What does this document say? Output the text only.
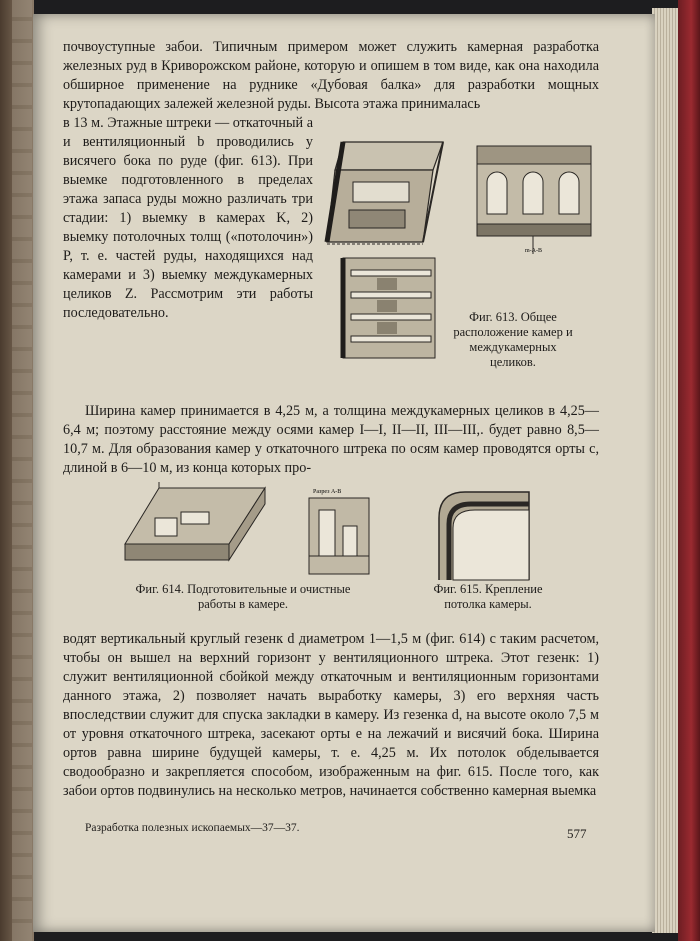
почвоуступные забои. Типичным примером может служить камерная разработка железных руд в Криворожском районе, которую и опишем в том виде, как она находила обширное применение на руднике «Дубовая балка» для разработки мощных крутопадающих залежей железной руды. Высота этажа принималась

в 13 м. Этажные штреки — откаточный a и вентиляционный b проводились у висячего бока по руде (фиг. 613). При выемке подготовленного в пределах этажа запаса руды можно различать три стадии: 1) выемку в камерах K, 2) выемку потолочных толщ («потолочин») P, т. е. частей руды, находящихся над камерами и 3) выемку междукамерных целиков Z. Рассмотрим эти работы последовательно.

m-A-B
Фиг. 613. Общее расположение камер и междукамерных целиков.

Ширина камер принимается в 4,25 м, а толщина междукамерных целиков в 4,25—6,4 м; поэтому расстояние между осями камер I—I, II—II, III—III,. будет равно 8,5—10,7 м. Для образования камер у откаточного штрека по осям камер проводятся орты c, длиной в 6—10 м, из конца которых про-

Разрез A-B
Фиг. 614. Подготовительные и очистные работы в камере.
Фиг. 615. Крепление потолка камеры.

водят вертикальный круглый гезенк d диаметром 1—1,5 м (фиг. 614) с таким расчетом, чтобы он вышел на верхний горизонт у вентиляционного штрека. Этот гезенк: 1) служит вентиляционной сбойкой между откаточным и вентиляционным горизонтами данного этажа, 2) позволяет начать выработку камеры, 3) его верхняя часть впоследствии служит для спуска закладки в камеру. Из гезенка d, на высоте около 7,5 м от уровня откаточного штрека, засекают орты e на лежачий и висячий бока. Ширина ортов равна ширине будущей камеры, т. е. 4,25 м. Их потолок обделывается сводообразно и закрепляется способом, изображенным на фиг. 615. После того, как забои ортов подвинулись на несколько метров, начинается собственно камерная выемка

Разработка полезных ископаемых—37—37.	577
